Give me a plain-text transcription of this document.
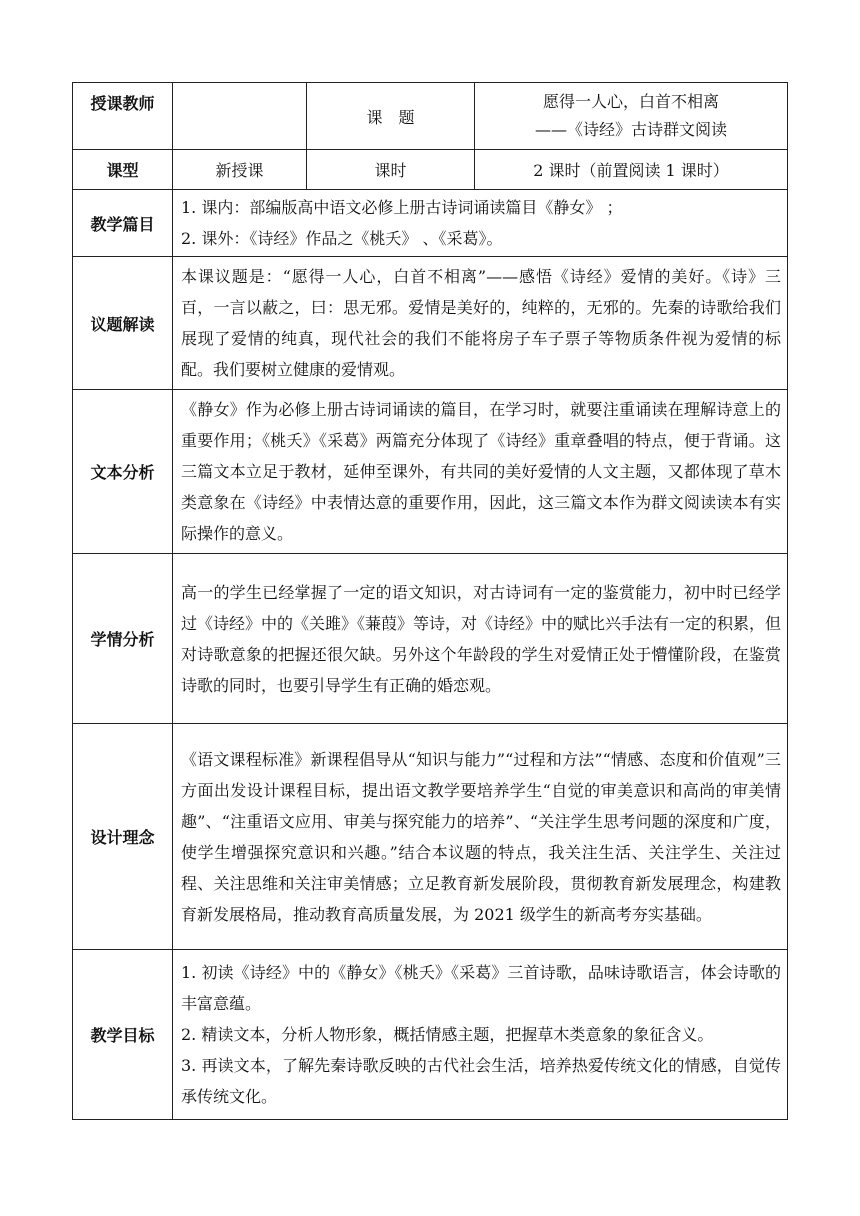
授课教师		课　题	愿得一人心，白首不相离
——《诗经》古诗群文阅读

课型	新授课	课时	2 课时（前置阅读 1 课时）
教学篇目	1. 课内：部编版高中语文必修上册古诗词诵读篇目《静女》 ；

2. 课外：《诗经》作品之《桃夭》 、《采葛》。		

议题解读	本课议题是：“愿得一人心，白首不相离”——感悟《诗经》爱情的美好。《诗》三百，一言以蔽之，曰：思无邪。爱情是美好的，纯粹的，无邪的。先秦的诗歌给我们展现了爱情的纯真，现代社会的我们不能将房子车子票子等物质条件视为爱情的标配。我们要树立健康的爱情观。		

文本分析	《静女》作为必修上册古诗词诵读的篇目，在学习时，就要注重诵读在理解诗意上的重要作用；《桃夭》《采葛》两篇充分体现了《诗经》重章叠唱的特点，便于背诵。这三篇文本立足于教材，延伸至课外，有共同的美好爱情的人文主题，又都体现了草木类意象在《诗经》中表情达意的重要作用，因此，这三篇文本作为群文阅读读本有实际操作的意义。		

学情分析	高一的学生已经掌握了一定的语文知识，对古诗词有一定的鉴赏能力，初中时已经学过《诗经》中的《关雎》《蒹葭》等诗，对《诗经》中的赋比兴手法有一定的积累，但对诗歌意象的把握还很欠缺。另外这个年龄段的学生对爱情正处于懵懂阶段，在鉴赏诗歌的同时，也要引导学生有正确的婚恋观。		

设计理念	《语文课程标准》新课程倡导从“知识与能力”“过程和方法”“情感、态度和价值观”三方面出发设计课程目标，提出语文教学要培养学生“自觉的审美意识和高尚的审美情趣”、“注重语文应用、审美与探究能力的培养”、“关注学生思考问题的深度和广度，使学生增强探究意识和兴趣。”结合本议题的特点，我关注生活、关注学生、关注过程、关注思维和关注审美情感；立足教育新发展阶段，贯彻教育新发展理念，构建教育新发展格局，推动教育高质量发展，为 2021 级学生的新高考夯实基础。		

教学目标	1. 初读《诗经》中的《静女》《桃夭》《采葛》三首诗歌，品味诗歌语言，体会诗歌的丰富意蕴。

2. 精读文本，分析人物形象，概括情感主题，把握草木类意象的象征含义。

3. 再读文本，了解先秦诗歌反映的古代社会生活，培养热爱传统文化的情感，自觉传承传统文化。		
